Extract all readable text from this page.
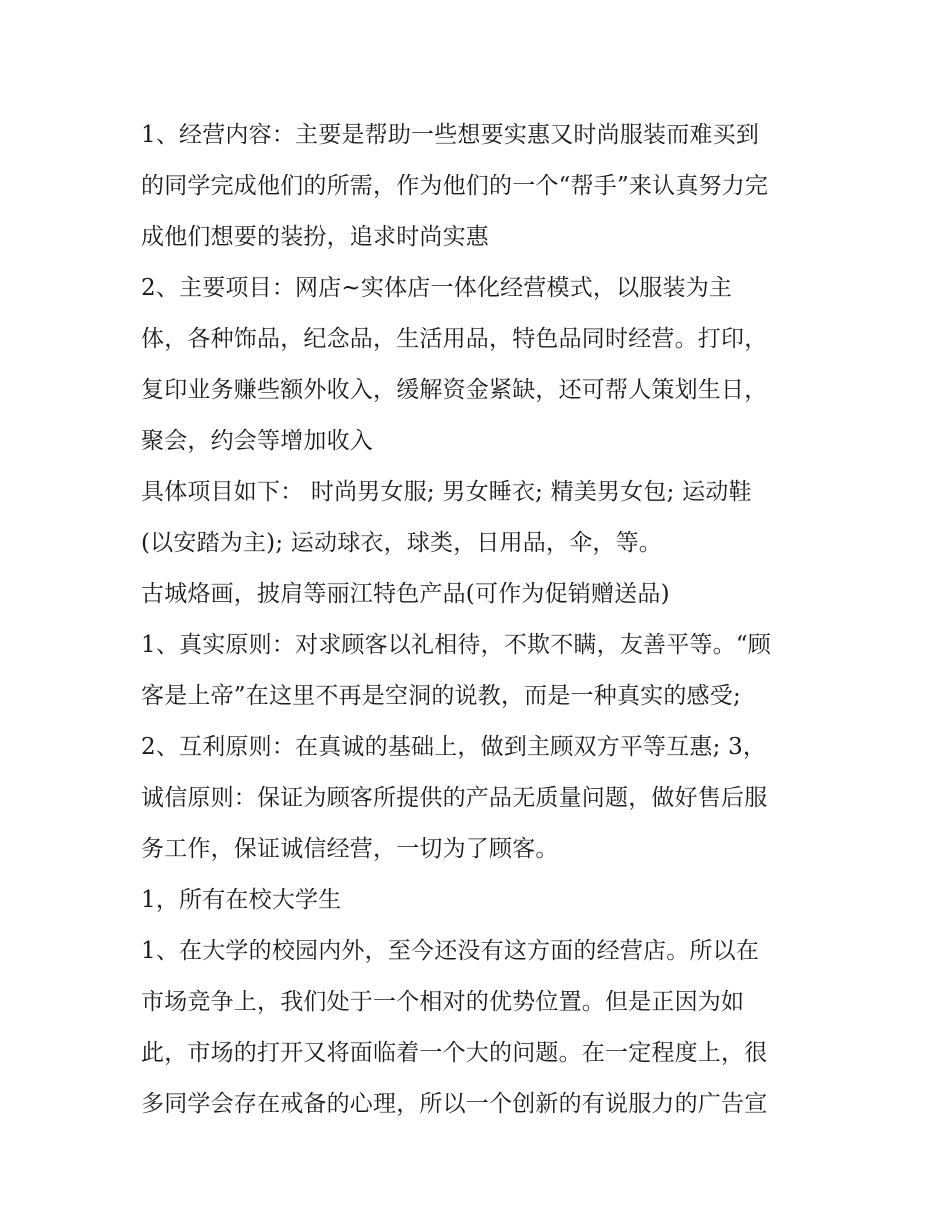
1、经营内容：主要是帮助一些想要实惠又时尚服装而难买到
的同学完成他们的所需，作为他们的一个“帮手”来认真努力完
成他们想要的装扮，追求时尚实惠
2、主要项目：网店~实体店一体化经营模式，以服装为主
体，各种饰品，纪念品，生活用品，特色品同时经营。打印，
复印业务赚些额外收入，缓解资金紧缺，还可帮人策划生日，
聚会，约会等增加收入
具体项目如下： 时尚男女服; 男女睡衣; 精美男女包; 运动鞋
(以安踏为主); 运动球衣，球类，日用品，伞，等。
古城烙画，披肩等丽江特色产品(可作为促销赠送品)
1、真实原则：对求顾客以礼相待，不欺不瞒，友善平等。“顾
客是上帝”在这里不再是空洞的说教，而是一种真实的感受;
2、互利原则：在真诚的基础上，做到主顾双方平等互惠; 3，
诚信原则：保证为顾客所提供的产品无质量问题，做好售后服
务工作，保证诚信经营，一切为了顾客。
1，所有在校大学生
1、在大学的校园内外，至今还没有这方面的经营店。所以在
市场竞争上，我们处于一个相对的优势位置。但是正因为如
此，市场的打开又将面临着一个大的问题。在一定程度上，很
多同学会存在戒备的心理，所以一个创新的有说服力的广告宣
